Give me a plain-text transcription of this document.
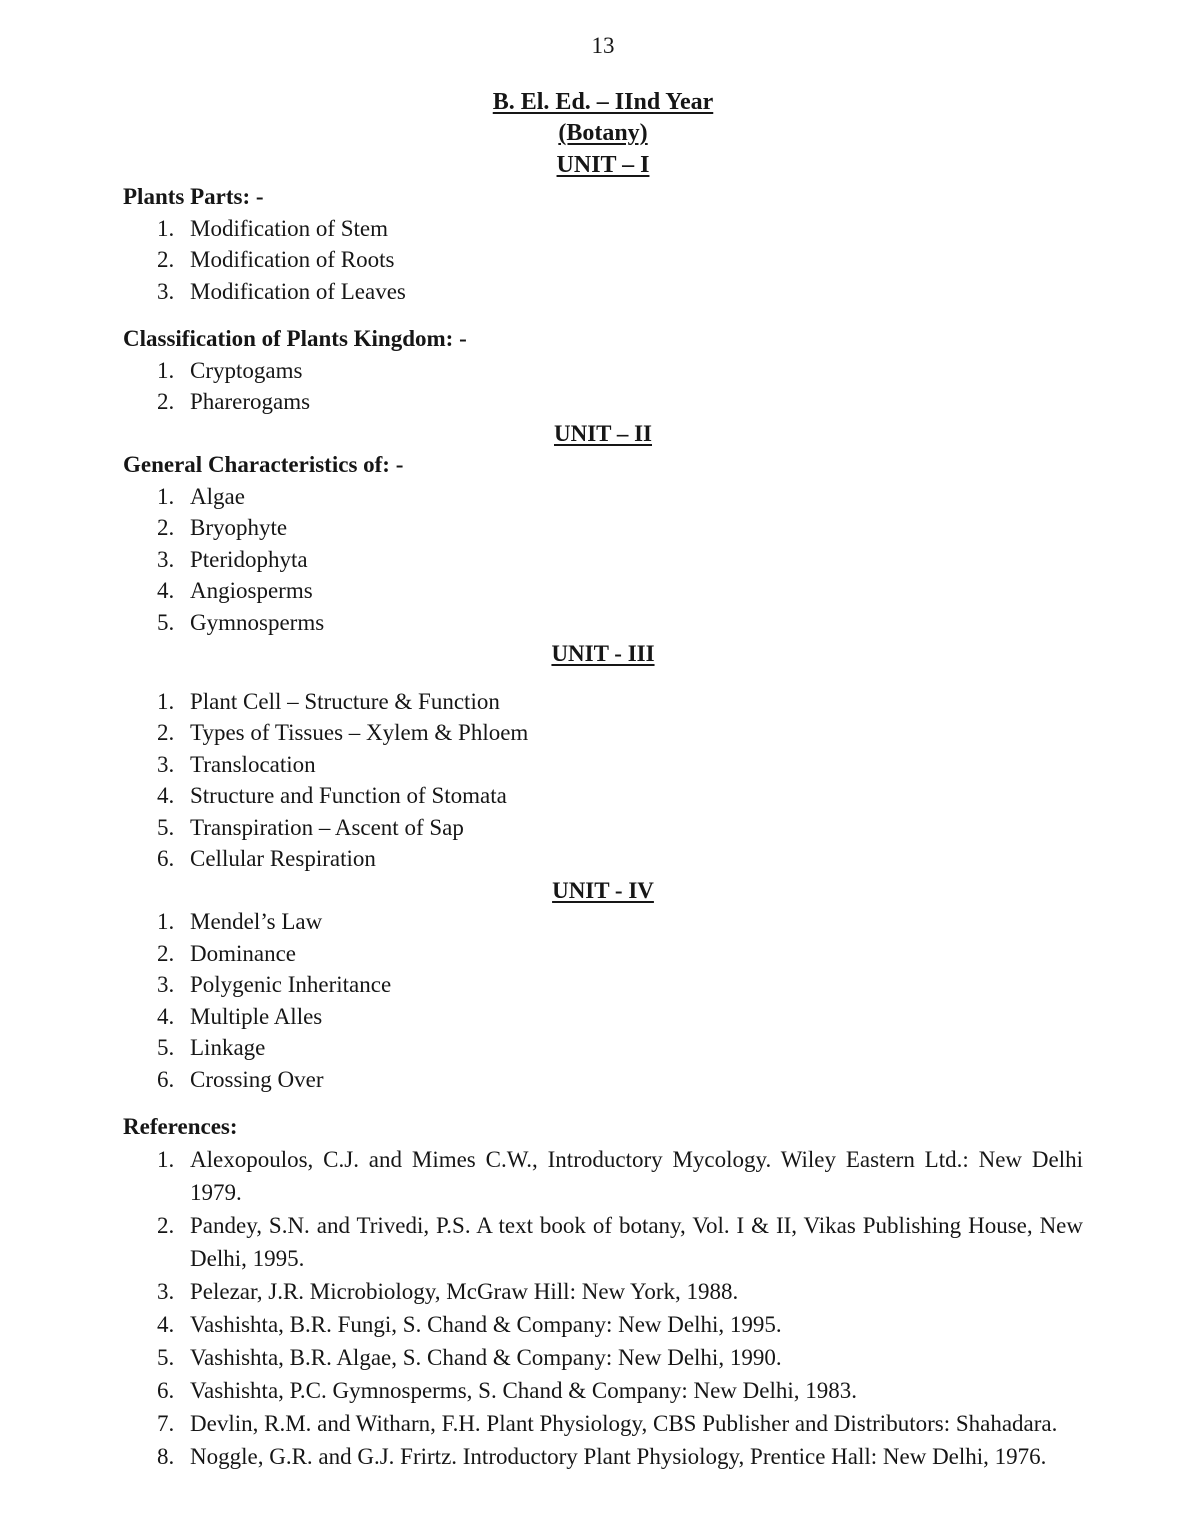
13
B. El. Ed. – IInd Year
(Botany)
UNIT – I
Plants Parts: -
Modification of Stem
Modification of Roots
Modification of Leaves
Classification of Plants Kingdom: -
Cryptogams
Pharerogams
UNIT – II
General Characteristics of: -
Algae
Bryophyte
Pteridophyta
Angiosperms
Gymnosperms
UNIT - III
Plant Cell – Structure & Function
Types of Tissues – Xylem & Phloem
Translocation
Structure and Function of Stomata
Transpiration – Ascent of Sap
Cellular Respiration
UNIT - IV
Mendel’s Law
Dominance
Polygenic Inheritance
Multiple Alles
Linkage
Crossing Over
References:
Alexopoulos, C.J. and Mimes C.W., Introductory Mycology. Wiley Eastern Ltd.: New Delhi 1979.
Pandey, S.N. and Trivedi, P.S. A text book of botany, Vol. I & II, Vikas Publishing House, New Delhi, 1995.
Pelezar, J.R. Microbiology, McGraw Hill: New York, 1988.
Vashishta, B.R. Fungi, S. Chand & Company: New Delhi, 1995.
Vashishta, B.R. Algae, S. Chand & Company: New Delhi, 1990.
Vashishta, P.C. Gymnosperms, S. Chand & Company: New Delhi, 1983.
Devlin, R.M. and Witharn, F.H. Plant Physiology, CBS Publisher and Distributors: Shahadara.
Noggle, G.R. and G.J. Frirtz. Introductory Plant Physiology, Prentice Hall: New Delhi, 1976.
